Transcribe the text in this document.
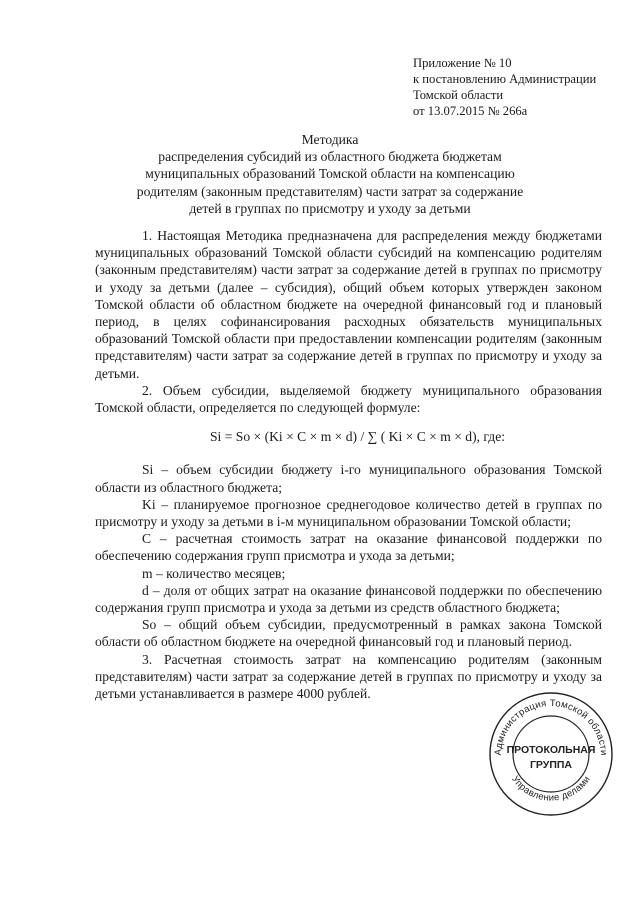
Приложение № 10
к постановлению Администрации
Томской области
от 13.07.2015 № 266а
Методика
распределения субсидий из областного бюджета бюджетам
муниципальных образований Томской области на компенсацию
родителям (законным представителям) части затрат за содержание
детей в группах по присмотру и уходу за детьми

1. Настоящая Методика предназначена для распределения между бюджетами муниципальных образований Томской области субсидий на компенсацию родителям (законным представителям) части затрат за содержание детей в группах по присмотру и уходу за детьми (далее – субсидия), общий объем которых утвержден законом Томской области об областном бюджете на очередной финансовый год и плановый период, в целях софинансирования расходных обязательств муниципальных образований Томской области при предоставлении компенсации родителям (законным представителям) части затрат за содержание детей в группах по присмотру и уходу за детьми.

2. Объем субсидии, выделяемой бюджету муниципального образования Томской области, определяется по следующей формуле:

Si = So × (Ki × C × m × d) / ∑ ( Ki × C × m × d), где:

Si – объем субсидии бюджету i-го муниципального образования Томской области из областного бюджета;

Ki – планируемое прогнозное среднегодовое количество детей в группах по присмотру и уходу за детьми в i-м муниципальном образовании Томской области;

С – расчетная стоимость затрат на оказание финансовой поддержки по обеспечению содержания групп присмотра и ухода за детьми;

m – количество месяцев;

d – доля от общих затрат на оказание финансовой поддержки по обеспечению содержания групп присмотра и ухода за детьми из средств областного бюджета;

So – общий объем субсидии, предусмотренный в рамках закона Томской области об областном бюджете на очередной финансовый год и плановый период.

3. Расчетная стоимость затрат на компенсацию родителям (законным представителям) части затрат за содержание детей в группах по присмотру и уходу за детьми устанавливается в размере 4000 рублей.

Администрация Томской области
Управление делами
ПРОТОКОЛЬНАЯ
ГРУППА
